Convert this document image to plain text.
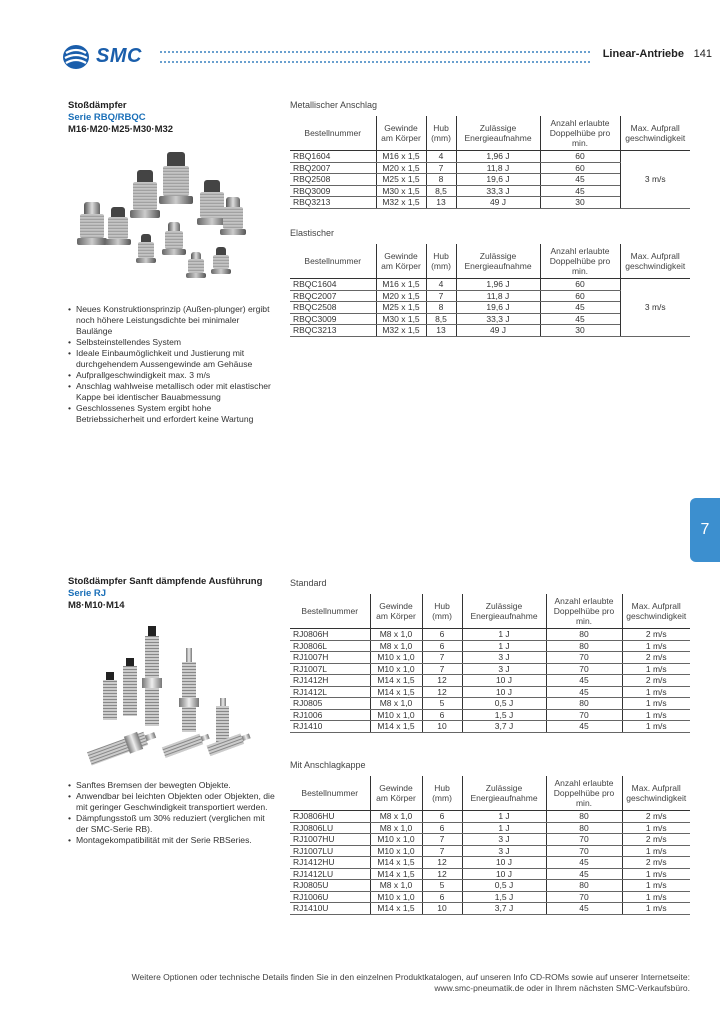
SMC	Linear-Antriebe 141
7
Stoßdämpfer
Serie RBQ/RBQC
M16·M20·M25·M30·M32
• Neues Konstruktionsprinzip (Außen-plunger) ergibt noch höhere Leistungsdichte bei minimaler Baulänge
• Selbsteinstellendes System
• Ideale Einbaumöglichkeit und Justierung mit durchgehendem Aussengewinde am Gehäuse
• Aufprallgeschwindigkeit max. 3 m/s
• Anschlag wahlweise metallisch oder mit elastischer Kappe bei identischer Bauabmessung
• Geschlossenes System ergibt hohe Betriebssicherheit und erfordert keine Wartung
Metallischer Anschlag
Bestellnummer	Gewinde am Körper	Hub (mm)	Zulässige Energieaufnahme	Anzahl erlaubte Doppelhübe pro min.	Max. Aufprall geschwindigkeit
RBQ1604	M16 x 1,5	4	1,96 J	60	3 m/s
RBQ2007	M20 x 1,5	7	11,8 J	60	
RBQ2508	M25 x 1,5	8	19,6 J	45	
RBQ3009	M30 x 1,5	8,5	33,3 J	45	
RBQ3213	M32 x 1,5	13	49 J	30	
Elastischer
Bestellnummer	Gewinde am Körper	Hub (mm)	Zulässige Energieaufnahme	Anzahl erlaubte Doppelhübe pro min.	Max. Aufprall geschwindigkeit
RBQC1604	M16 x 1,5	4	1,96 J	60	3 m/s
RBQC2007	M20 x 1,5	7	11,8 J	60	
RBQC2508	M25 x 1,5	8	19,6 J	45	
RBQC3009	M30 x 1,5	8,5	33,3 J	45	
RBQC3213	M32 x 1,5	13	49 J	30	
Stoßdämpfer Sanft dämpfende Ausführung
Serie RJ
M8·M10·M14
• Sanftes Bremsen der bewegten Objekte.
• Anwendbar bei leichten Objekten oder Objekten, die mit geringer Geschwindigkeit transportiert werden.
• Dämpfungsstoß um 30% reduziert (verglichen mit der SMC-Serie RB).
• Montagekompatibilität mit der Serie RBSeries.
Standard
Bestellnummer	Gewinde am Körper	Hub (mm)	Zulässige Energieaufnahme	Anzahl erlaubte Doppelhübe pro min.	Max. Aufprall geschwindigkeit
RJ0806H	M8 x 1,0	6	1 J	80	2 m/s
RJ0806L	M8 x 1,0	6	1 J	80	1 m/s
RJ1007H	M10 x 1,0	7	3 J	70	2 m/s
RJ1007L	M10 x 1,0	7	3 J	70	1 m/s
RJ1412H	M14 x 1,5	12	10 J	45	2 m/s
RJ1412L	M14 x 1,5	12	10 J	45	1 m/s
RJ0805	M8 x 1,0	5	0,5 J	80	1 m/s
RJ1006	M10 x 1,0	6	1,5 J	70	1 m/s
RJ1410	M14 x 1,5	10	3,7 J	45	1 m/s
Mit Anschlagkappe
Bestellnummer	Gewinde am Körper	Hub (mm)	Zulässige Energieaufnahme	Anzahl erlaubte Doppelhübe pro min.	Max. Aufprall geschwindigkeit
RJ0806HU	M8 x 1,0	6	1 J	80	2 m/s
RJ0806LU	M8 x 1,0	6	1 J	80	1 m/s
RJ1007HU	M10 x 1,0	7	3 J	70	2 m/s
RJ1007LU	M10 x 1,0	7	3 J	70	1 m/s
RJ1412HU	M14 x 1,5	12	10 J	45	2 m/s
RJ1412LU	M14 x 1,5	12	10 J	45	1 m/s
RJ0805U	M8 x 1,0	5	0,5 J	80	1 m/s
RJ1006U	M10 x 1,0	6	1,5 J	70	1 m/s
RJ1410U	M14 x 1,5	10	3,7 J	45	1 m/s
Weitere Optionen oder technische Details finden Sie in den einzelnen Produktkatalogen, auf unseren Info CD-ROMs sowie auf unserer Internetseite:
www.smc-pneumatik.de oder in Ihrem nächsten SMC-Verkaufsbüro.
